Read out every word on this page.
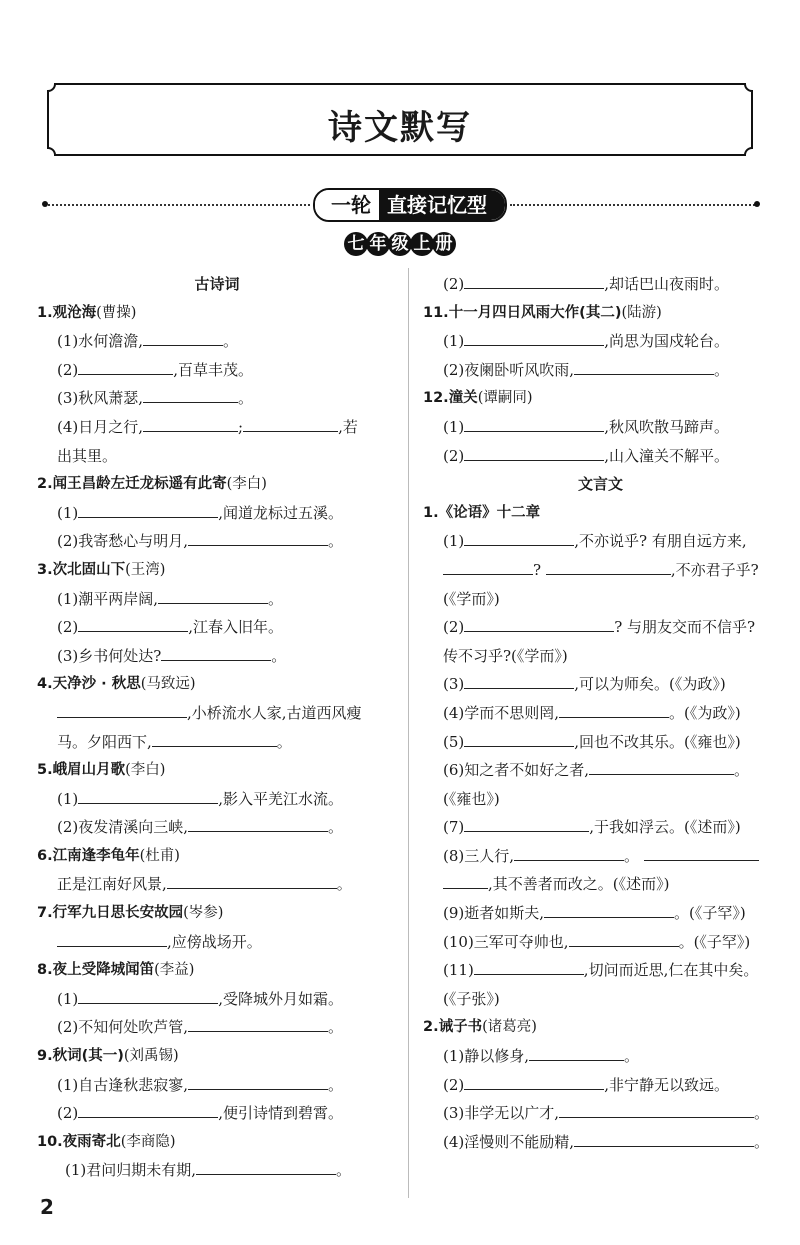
诗文默写
一轮 直接记忆型
七 年 级 上 册
古诗词
1.观沧海(曹操)
(1)水何澹澹,	。
(2)	,百草丰茂。
(3)秋风萧瑟,	。
(4)日月之行,	;	,若
出其里。
2.闻王昌龄左迁龙标遥有此寄(李白)
(1)	,闻道龙标过五溪。
(2)我寄愁心与明月,	。
3.次北固山下(王湾)
(1)潮平两岸阔,	。
(2)	,江春入旧年。
(3)乡书何处达?	。
4.天净沙 · 秋思(马致远)
,小桥流水人家,古道西风瘦
马。夕阳西下,	。
5.峨眉山月歌(李白)
(1)	,影入平羌江水流。
(2)夜发清溪向三峡,	。
6.江南逢李龟年(杜甫)
正是江南好风景,	。
7.行军九日思长安故园(岑参)
,应傍战场开。
8.夜上受降城闻笛(李益)
(1)	,受降城外月如霜。
(2)不知何处吹芦管,	。
9.秋词(其一)(刘禹锡)
(1)自古逢秋悲寂寥,	。
(2)	,便引诗情到碧霄。
10.夜雨寄北(李商隐)
(1)君问归期未有期,	。
(2)	,却话巴山夜雨时。
11.十一月四日风雨大作(其二)(陆游)
(1)	,尚思为国戍轮台。
(2)夜阑卧听风吹雨,	。
12.潼关(谭嗣同)
(1)	,秋风吹散马蹄声。
(2)	,山入潼关不解平。
文言文
1.《论语》十二章
(1)	,不亦说乎? 有朋自远方来,
?	,不亦君子乎?
(《学而》)
(2)	? 与朋友交而不信乎?
传不习乎?(《学而》)
(3)	,可以为师矣。(《为政》)
(4)学而不思则罔,	。(《为政》)
(5)	,回也不改其乐。(《雍也》)
(6)知之者不如好之者,	。
(《雍也》)
(7)	,于我如浮云。(《述而》)
(8)三人行,	。
,其不善者而改之。(《述而》)
(9)逝者如斯夫,	。(《子罕》)
(10)三军可夺帅也,	。(《子罕》)
(11)	,切问而近思,仁在其中矣。
(《子张》)
2.诫子书(诸葛亮)
(1)静以修身,	。
(2)	,非宁静无以致远。
(3)非学无以广才,	。
(4)淫慢则不能励精,	。
2
